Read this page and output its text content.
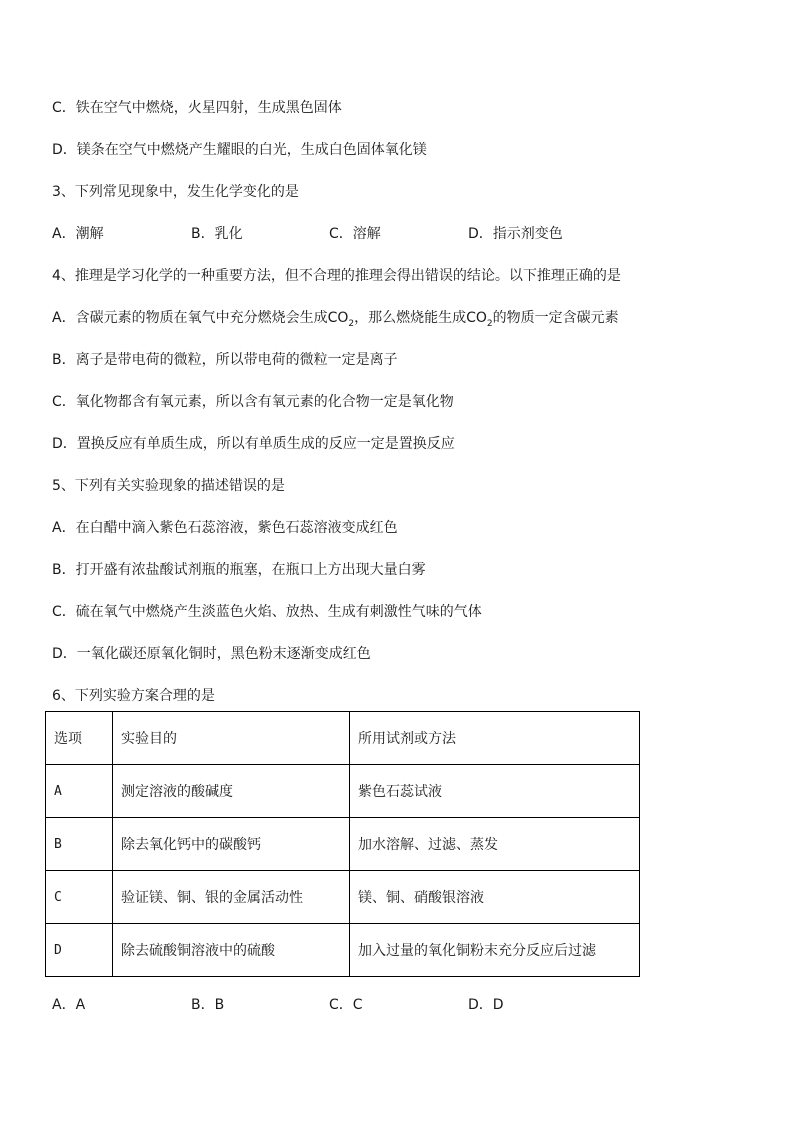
C．铁在空气中燃烧，火星四射，生成黑色固体
D．镁条在空气中燃烧产生耀眼的白光，生成白色固体氧化镁
3、下列常见现象中，发生化学变化的是
A．潮解	B．乳化	C．溶解	D．指示剂变色
4、推理是学习化学的一种重要方法，但不合理的推理会得出错误的结论。以下推理正确的是
A．含碳元素的物质在氧气中充分燃烧会生成$CO_2$，那么燃烧能生成$CO_2$的物质一定含碳元素
B．离子是带电荷的微粒，所以带电荷的微粒一定是离子
C．氧化物都含有氧元素，所以含有氧元素的化合物一定是氧化物
D．置换反应有单质生成，所以有单质生成的反应一定是置换反应
5、下列有关实验现象的描述错误的是
A．在白醋中滴入紫色石蕊溶液，紫色石蕊溶液变成红色
B．打开盛有浓盐酸试剂瓶的瓶塞，在瓶口上方出现大量白雾
C．硫在氧气中燃烧产生淡蓝色火焰、放热、生成有刺激性气味的气体
D．一氧化碳还原氧化铜时，黑色粉末逐渐变成红色
6、下列实验方案合理的是
选项	实验目的	所用试剂或方法
A	测定溶液的酸碱度	紫色石蕊试液
B	除去氧化钙中的碳酸钙	加水溶解、过滤、蒸发
C	验证镁、铜、银的金属活动性	镁、铜、硝酸银溶液
D	除去硫酸铜溶液中的硫酸	加入过量的氧化铜粉末充分反应后过滤
A．A	B．B	C．C	D．D
